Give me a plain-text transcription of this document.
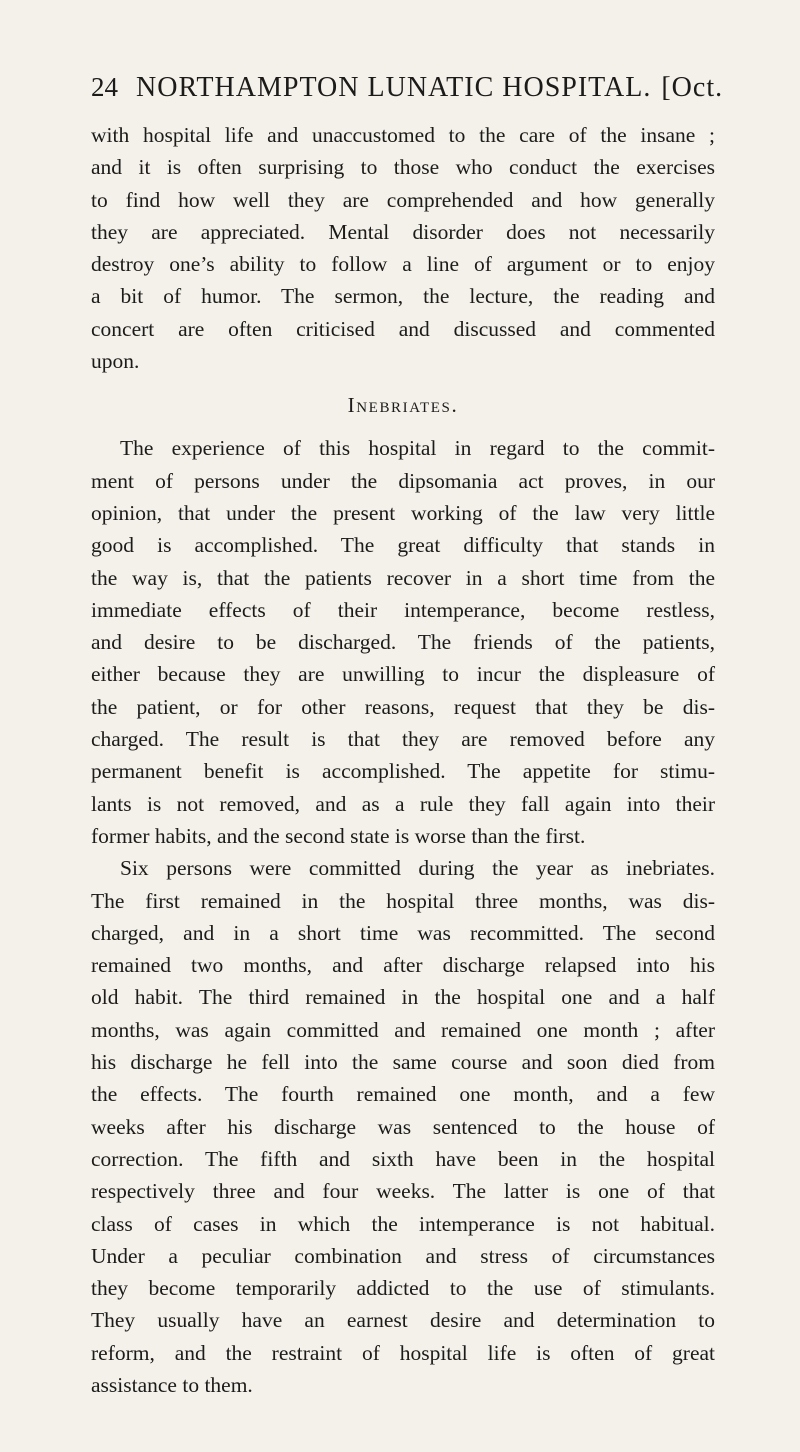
24 NORTHAMPTON LUNATIC HOSPITAL. [Oct.
with hospital life and unaccustomed to the care of the insane ;
and it is often surprising to those who conduct the exercises
to find how well they are comprehended and how generally
they are appreciated. Mental disorder does not necessarily
destroy one’s ability to follow a line of argument or to enjoy
a bit of humor. The sermon, the lecture, the reading and
concert are often criticised and discussed and commented
upon.
Inebriates.
The experience of this hospital in regard to the commit-
ment of persons under the dipsomania act proves, in our
opinion, that under the present working of the law very little
good is accomplished. The great difficulty that stands in
the way is, that the patients recover in a short time from the
immediate effects of their intemperance, become restless,
and desire to be discharged. The friends of the patients,
either because they are unwilling to incur the displeasure of
the patient, or for other reasons, request that they be dis-
charged. The result is that they are removed before any
permanent benefit is accomplished. The appetite for stimu-
lants is not removed, and as a rule they fall again into their
former habits, and the second state is worse than the first.
Six persons were committed during the year as inebriates.
The first remained in the hospital three months, was dis-
charged, and in a short time was recommitted. The second
remained two months, and after discharge relapsed into his
old habit. The third remained in the hospital one and a half
months, was again committed and remained one month ; after
his discharge he fell into the same course and soon died from
the effects. The fourth remained one month, and a few
weeks after his discharge was sentenced to the house of
correction. The fifth and sixth have been in the hospital
respectively three and four weeks. The latter is one of that
class of cases in which the intemperance is not habitual.
Under a peculiar combination and stress of circumstances
they become temporarily addicted to the use of stimulants.
They usually have an earnest desire and determination to
reform, and the restraint of hospital life is often of great
assistance to them.
